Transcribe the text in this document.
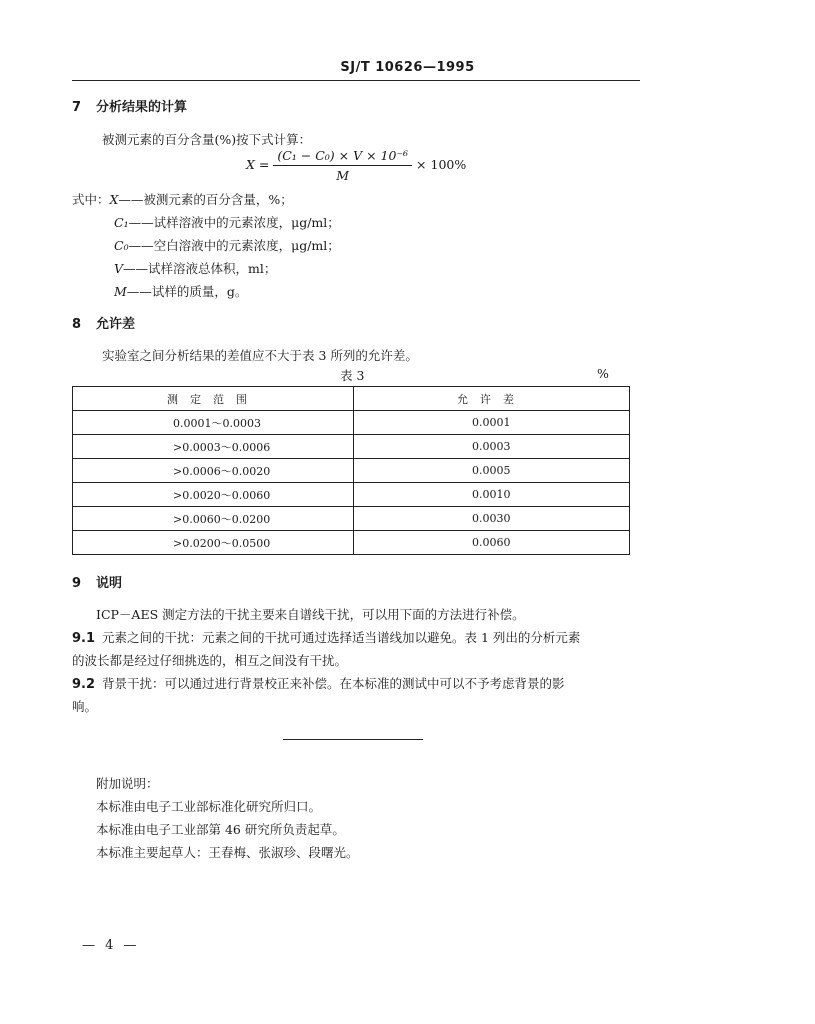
SJ/T 10626—1995
7 分析结果的计算
被测元素的百分含量(%)按下式计算：
$X = \frac{\text{(C₁ − C₀) × V × 10⁻⁶}}{M} \times 100\%$
式中：X——被测元素的百分含量，%；
C₁——试样溶液中的元素浓度，μg/ml；
C₀——空白溶液中的元素浓度，μg/ml；
V——试样溶液总体积，ml；
M——试样的质量，g。
8 允许差
实验室之间分析结果的差值应不大于表 3 所列的允许差。
表 3	%
测定范围	允许差
0.0001～0.0003	0.0001
>0.0003～0.0006	0.0003
>0.0006～0.0020	0.0005
>0.0020～0.0060	0.0010
>0.0060～0.0200	0.0030
>0.0200～0.0500	0.0060
9 说明
ICP－AES 测定方法的干扰主要来自谱线干扰，可以用下面的方法进行补偿。
9.1 元素之间的干扰：元素之间的干扰可通过选择适当谱线加以避免。表 1 列出的分析元素
的波长都是经过仔细挑选的，相互之间没有干扰。
9.2 背景干扰：可以通过进行背景校正来补偿。在本标准的测试中可以不予考虑背景的影
响。
附加说明：
本标准由电子工业部标准化研究所归口。
本标准由电子工业部第 46 研究所负责起草。
本标准主要起草人：王春梅、张淑珍、段曙光。
— 4 —
